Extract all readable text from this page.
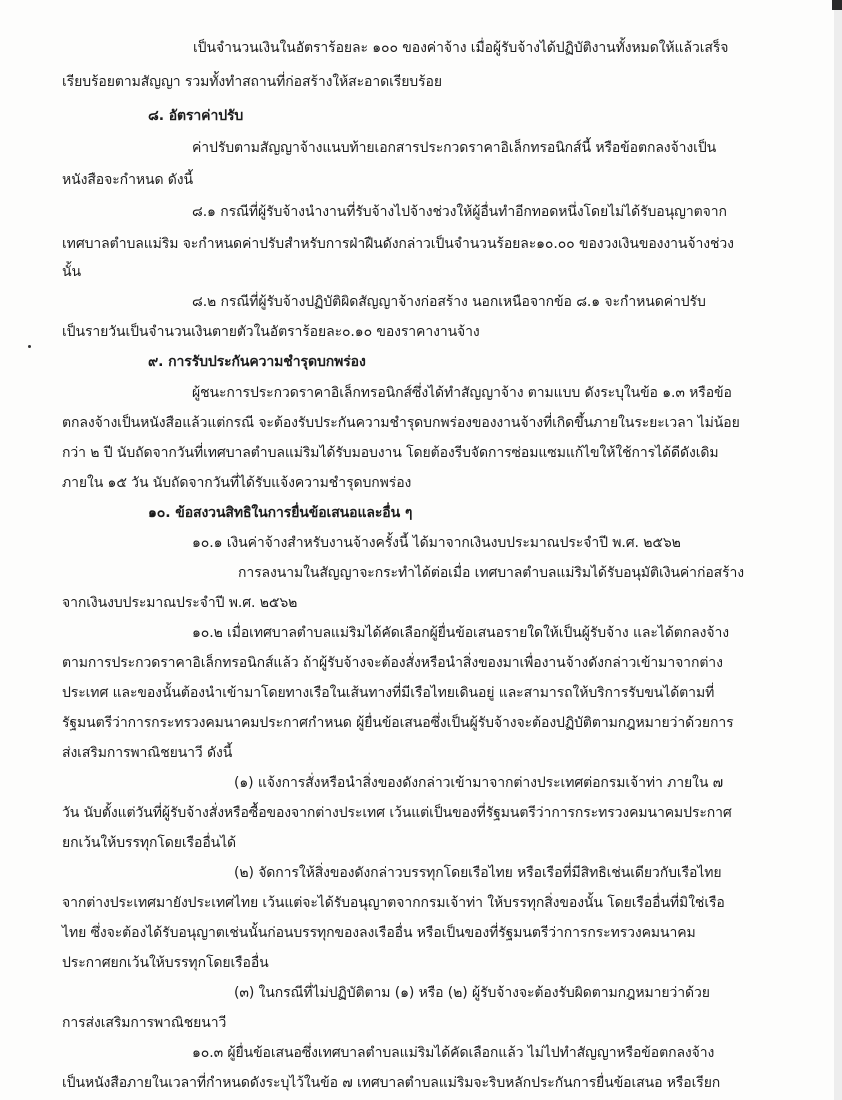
เป็นจำนวนเงินในอัตราร้อยละ ๑๐๐ ของค่าจ้าง เมื่อผู้รับจ้างได้ปฏิบัติงานทั้งหมดให้แล้วเสร็จ
เรียบร้อยตามสัญญา รวมทั้งทำสถานที่ก่อสร้างให้สะอาดเรียบร้อย
๘. อัตราค่าปรับ
ค่าปรับตามสัญญาจ้างแนบท้ายเอกสารประกวดราคาอิเล็กทรอนิกส์นี้ หรือข้อตกลงจ้างเป็น
หนังสือจะกำหนด ดังนี้
๘.๑ กรณีที่ผู้รับจ้างนำงานที่รับจ้างไปจ้างช่วงให้ผู้อื่นทำอีกทอดหนึ่งโดยไม่ได้รับอนุญาตจาก
เทศบาลตำบลแม่ริม จะกำหนดค่าปรับสำหรับการฝ่าฝืนดังกล่าวเป็นจำนวนร้อยละ๑๐.๐๐ ของวงเงินของงานจ้างช่วง
นั้น
๘.๒ กรณีที่ผู้รับจ้างปฏิบัติผิดสัญญาจ้างก่อสร้าง นอกเหนือจากข้อ ๘.๑ จะกำหนดค่าปรับ
เป็นรายวันเป็นจำนวนเงินตายตัวในอัตราร้อยละ๐.๑๐ ของราคางานจ้าง
๙. การรับประกันความชำรุดบกพร่อง
ผู้ชนะการประกวดราคาอิเล็กทรอนิกส์ซึ่งได้ทำสัญญาจ้าง ตามแบบ ดังระบุในข้อ ๑.๓ หรือข้อ
ตกลงจ้างเป็นหนังสือแล้วแต่กรณี จะต้องรับประกันความชำรุดบกพร่องของงานจ้างที่เกิดขึ้นภายในระยะเวลา ไม่น้อย
กว่า ๒ ปี นับถัดจากวันที่เทศบาลตำบลแม่ริมได้รับมอบงาน โดยต้องรีบจัดการซ่อมแซมแก้ไขให้ใช้การได้ดีดังเดิม
ภายใน ๑๕ วัน นับถัดจากวันที่ได้รับแจ้งความชำรุดบกพร่อง
๑๐. ข้อสงวนสิทธิในการยื่นข้อเสนอและอื่น ๆ
๑๐.๑ เงินค่าจ้างสำหรับงานจ้างครั้งนี้ ได้มาจากเงินงบประมาณประจำปี พ.ศ. ๒๕๖๒
การลงนามในสัญญาจะกระทำได้ต่อเมื่อ เทศบาลตำบลแม่ริมได้รับอนุมัติเงินค่าก่อสร้าง
จากเงินงบประมาณประจำปี พ.ศ. ๒๕๖๒
๑๐.๒ เมื่อเทศบาลตำบลแม่ริมได้คัดเลือกผู้ยื่นข้อเสนอรายใดให้เป็นผู้รับจ้าง และได้ตกลงจ้าง
ตามการประกวดราคาอิเล็กทรอนิกส์แล้ว ถ้าผู้รับจ้างจะต้องสั่งหรือนำสิ่งของมาเพื่องานจ้างดังกล่าวเข้ามาจากต่าง
ประเทศ และของนั้นต้องนำเข้ามาโดยทางเรือในเส้นทางที่มีเรือไทยเดินอยู่ และสามารถให้บริการรับขนได้ตามที่
รัฐมนตรีว่าการกระทรวงคมนาคมประกาศกำหนด ผู้ยื่นข้อเสนอซึ่งเป็นผู้รับจ้างจะต้องปฏิบัติตามกฎหมายว่าด้วยการ
ส่งเสริมการพาณิชยนาวี ดังนี้
(๑) แจ้งการสั่งหรือนำสิ่งของดังกล่าวเข้ามาจากต่างประเทศต่อกรมเจ้าท่า ภายใน ๗
วัน นับตั้งแต่วันที่ผู้รับจ้างสั่งหรือซื้อของจากต่างประเทศ เว้นแต่เป็นของที่รัฐมนตรีว่าการกระทรวงคมนาคมประกาศ
ยกเว้นให้บรรทุกโดยเรืออื่นได้
(๒) จัดการให้สิ่งของดังกล่าวบรรทุกโดยเรือไทย หรือเรือที่มีสิทธิเช่นเดียวกับเรือไทย
จากต่างประเทศมายังประเทศไทย เว้นแต่จะได้รับอนุญาตจากกรมเจ้าท่า ให้บรรทุกสิ่งของนั้น โดยเรืออื่นที่มิใช่เรือ
ไทย ซึ่งจะต้องได้รับอนุญาตเช่นนั้นก่อนบรรทุกของลงเรืออื่น หรือเป็นของที่รัฐมนตรีว่าการกระทรวงคมนาคม
ประกาศยกเว้นให้บรรทุกโดยเรืออื่น
(๓) ในกรณีที่ไม่ปฏิบัติตาม (๑) หรือ (๒) ผู้รับจ้างจะต้องรับผิดตามกฎหมายว่าด้วย
การส่งเสริมการพาณิชยนาวี
๑๐.๓ ผู้ยื่นข้อเสนอซึ่งเทศบาลตำบลแม่ริมได้คัดเลือกแล้ว ไม่ไปทำสัญญาหรือข้อตกลงจ้าง
เป็นหนังสือภายในเวลาที่กำหนดดังระบุไว้ในข้อ ๗ เทศบาลตำบลแม่ริมจะริบหลักประกันการยื่นข้อเสนอ หรือเรียก
